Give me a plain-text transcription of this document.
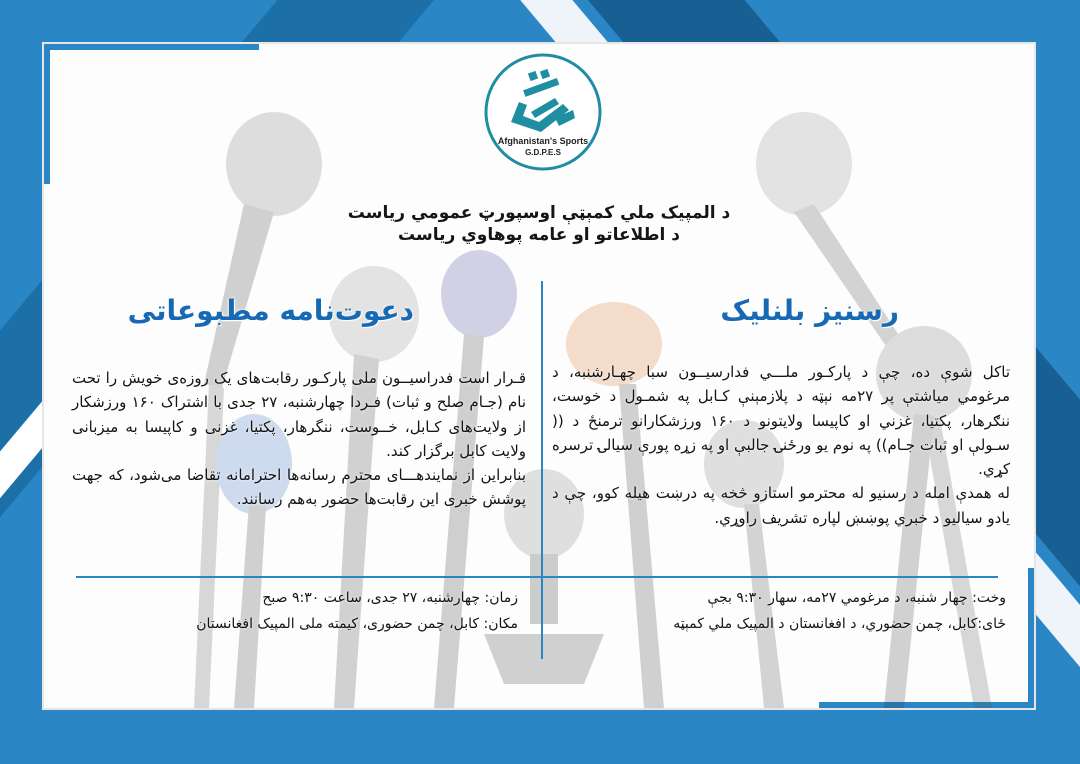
Afghanistan's Sports
G.D.P.E.S
د المپیک ملي کمېټې اوسپورټ عمومي ریاست
د اطلاعاتو او عامه پوهاوي ریاست
رسنیز بلنلیک
دعوت‌نامه مطبوعاتی

تاکل شوې ده، چې د پارکـور ملـــي فدارسیــون سبا چهـارشنبه، د مرغومي میاشتې پر ۲۷مه نېټه د پلازمېنې کـابل په شمـول د خوست، ننګرهار، پکتیا، غزني او کاپیسا ولایتونو د ۱۶۰ ورزشکارانو ترمنځ د (( سـولې او ثبات جـام)) په نوم یو ورځنۍ جالبې او په زړه پورې سیالۍ ترسره کړي.

له همدې امله د رسنیو له محترمو استازو څخه په درښت هیله کوو، چې د یادو سیالیو د خبري پوښښ لپاره تشریف راوړي.

قـرار است فدراسیــون ملی پارکـور رقابت‌های یک روزه‌ی خویش را تحت نام (جـام صلح و ثبات) فـردا چهارشنبه، ۲۷ جدی با اشتراک ۱۶۰ ورزشکار از ولایت‌های کـابل، خــوست، ننگرهار، پکتیا، غزنی و کاپیسا به میزبانی ولایت کابل برگزار کند.

بنابراین از نمایندهـــای محترم رسانه‌ها احترامانه تقاضا می‌شود، که جهت پوشش خبری این رقابت‌ها حضور به‌هم رسانند.

وخت: چهار شنبه، د مرغومي ۲۷مه، سهار ۹:۳۰ بجې
ځای:کابل، چمن حضوري، د افغانستان د المپیک ملي کمېټه
زمان: چهارشنبه، ۲۷ جدی، ساعت ۹:۳۰ صبح
مکان: کابل، چمن حضوری، کیمته ملی المپیک افغانستان
